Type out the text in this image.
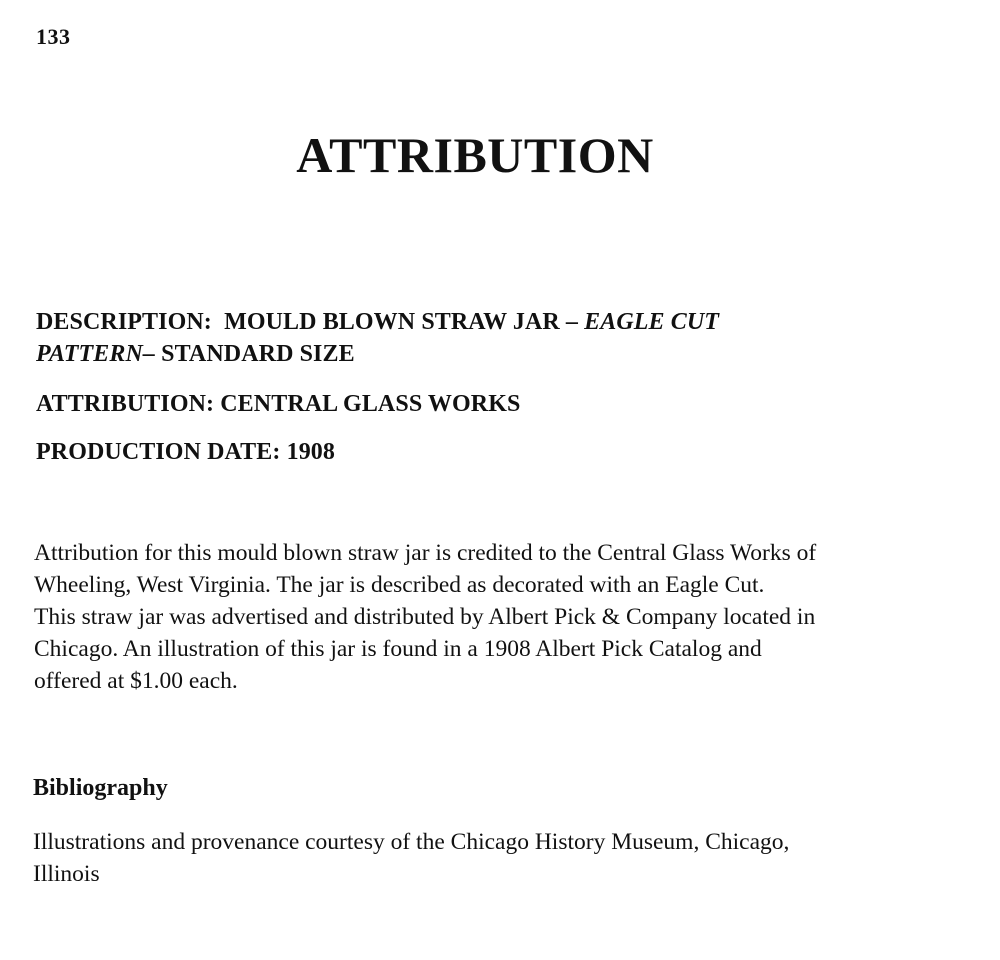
133
ATTRIBUTION
DESCRIPTION: MOULD BLOWN STRAW JAR – EAGLE CUT
PATTERN– STANDARD SIZE
ATTRIBUTION: CENTRAL GLASS WORKS
PRODUCTION DATE: 1908

Attribution for this mould blown straw jar is credited to the Central Glass Works of

Wheeling, West Virginia. The jar is described as decorated with an Eagle Cut.

This straw jar was advertised and distributed by Albert Pick & Company located in

Chicago. An illustration of this jar is found in a 1908 Albert Pick Catalog and

offered at $1.00 each.

Bibliography

Illustrations and provenance courtesy of the Chicago History Museum, Chicago,

Illinois
